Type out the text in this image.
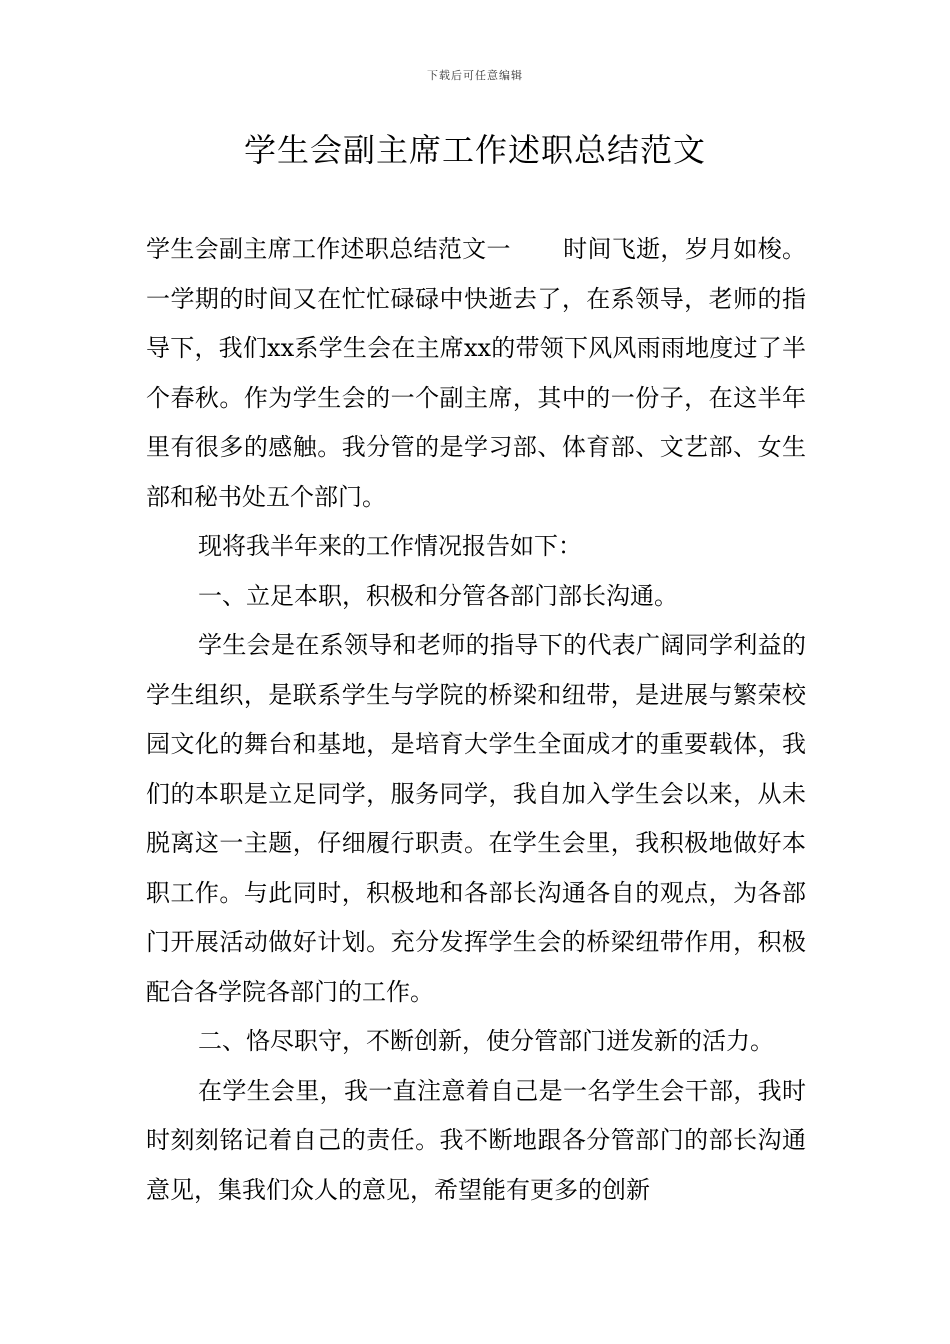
下载后可任意编辑
学生会副主席工作述职总结范文

学生会副主席工作述职总结范文一 时间飞逝，岁月如梭。一学期的时间又在忙忙碌碌中快逝去了，在系领导，老师的指导下，我们xx系学生会在主席xx的带领下风风雨雨地度过了半个春秋。作为学生会的一个副主席，其中的一份子，在这半年里有很多的感触。我分管的是学习部、体育部、文艺部、女生部和秘书处五个部门。

现将我半年来的工作情况报告如下：

一、立足本职，积极和分管各部门部长沟通。

学生会是在系领导和老师的指导下的代表广阔同学利益的学生组织，是联系学生与学院的桥梁和纽带，是进展与繁荣校园文化的舞台和基地，是培育大学生全面成才的重要载体，我们的本职是立足同学，服务同学，我自加入学生会以来，从未脱离这一主题，仔细履行职责。在学生会里，我积极地做好本职工作。与此同时，积极地和各部长沟通各自的观点，为各部门开展活动做好计划。充分发挥学生会的桥梁纽带作用，积极配合各学院各部门的工作。

二、恪尽职守，不断创新，使分管部门迸发新的活力。

在学生会里，我一直注意着自己是一名学生会干部，我时时刻刻铭记着自己的责任。我不断地跟各分管部门的部长沟通意见，集我们众人的意见，希望能有更多的创新
